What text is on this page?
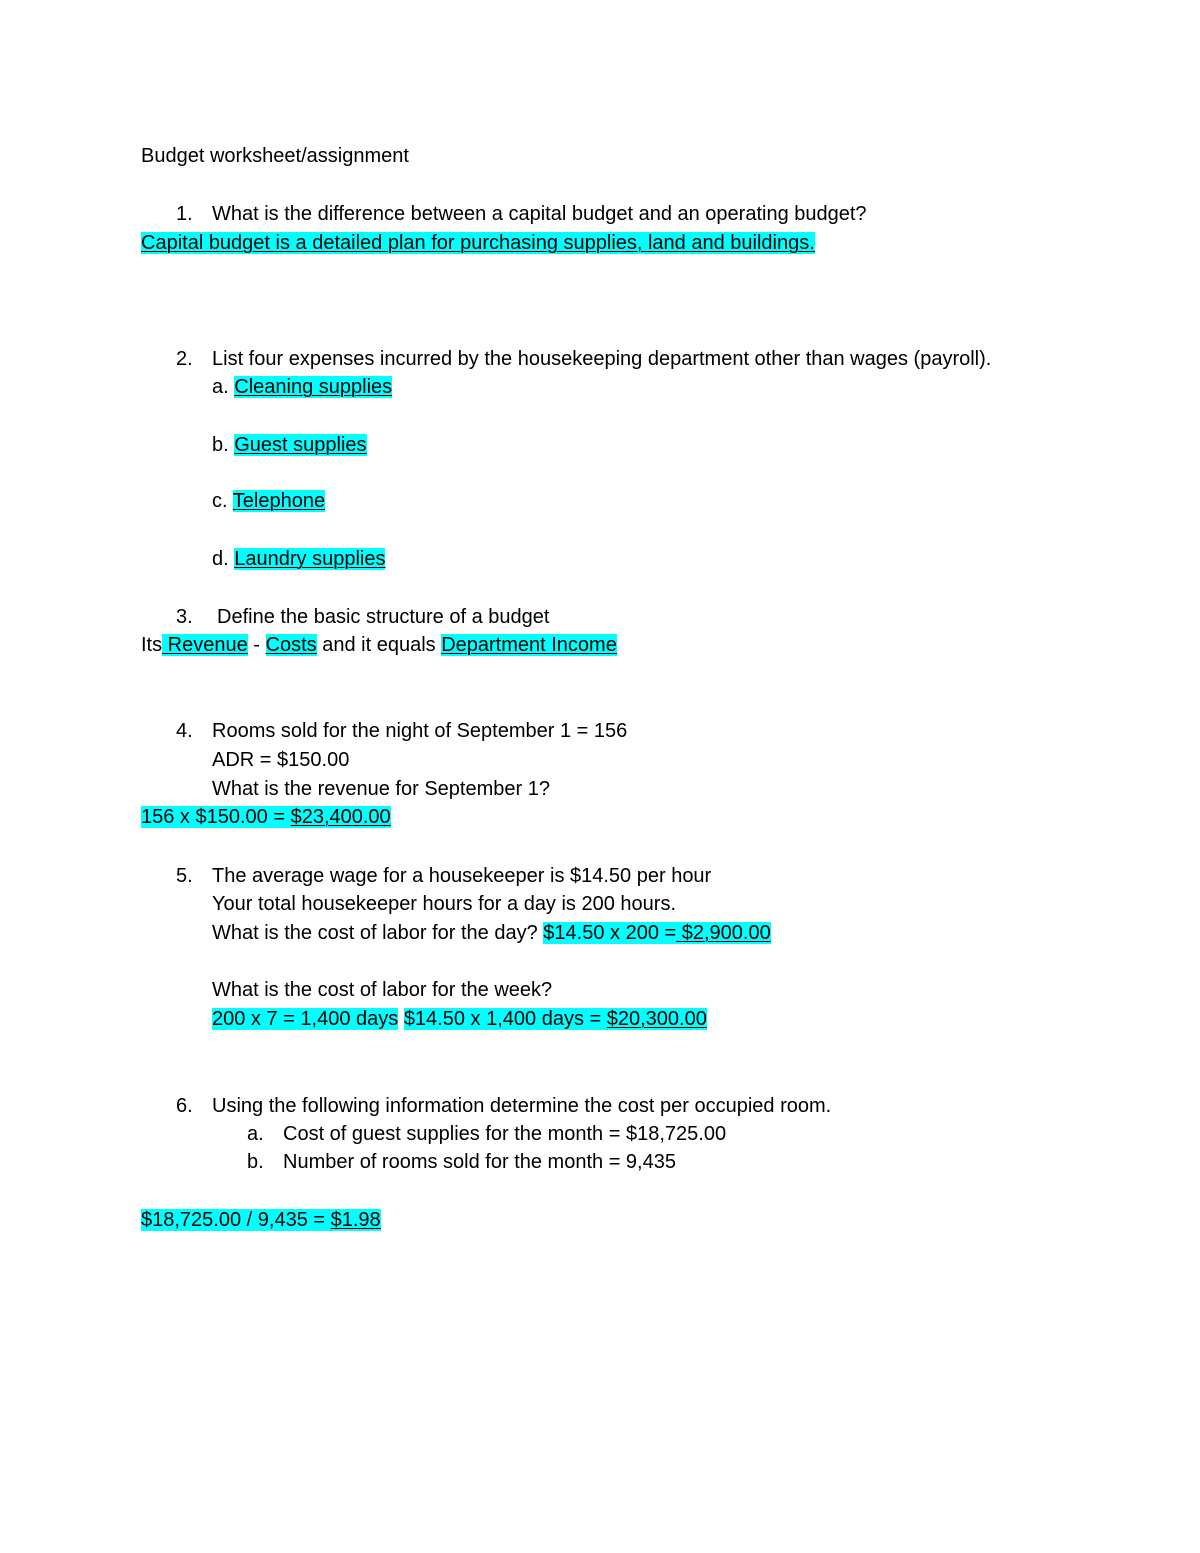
Budget worksheet/assignment
1. What is the difference between a capital budget and an operating budget?
Capital budget is a detailed plan for purchasing supplies, land and buildings.
2. List four expenses incurred by the housekeeping department other than wages (payroll).
a. Cleaning supplies
b. Guest supplies
c. Telephone
d. Laundry supplies
3. Define the basic structure of a budget
Its Revenue - Costs and it equals Department Income
4. Rooms sold for the night of September 1 = 156
ADR = $150.00
What is the revenue for September 1?
156 x $150.00 = $23,400.00
5. The average wage for a housekeeper is $14.50 per hour
Your total housekeeper hours for a day is 200 hours.
What is the cost of labor for the day? $14.50 x 200 = $2,900.00
What is the cost of labor for the week?
200 x 7 = 1,400 days $14.50 x 1,400 days = $20,300.00
6. Using the following information determine the cost per occupied room.
a. Cost of guest supplies for the month = $18,725.00
b. Number of rooms sold for the month = 9,435
$18,725.00 / 9,435 = $1.98
